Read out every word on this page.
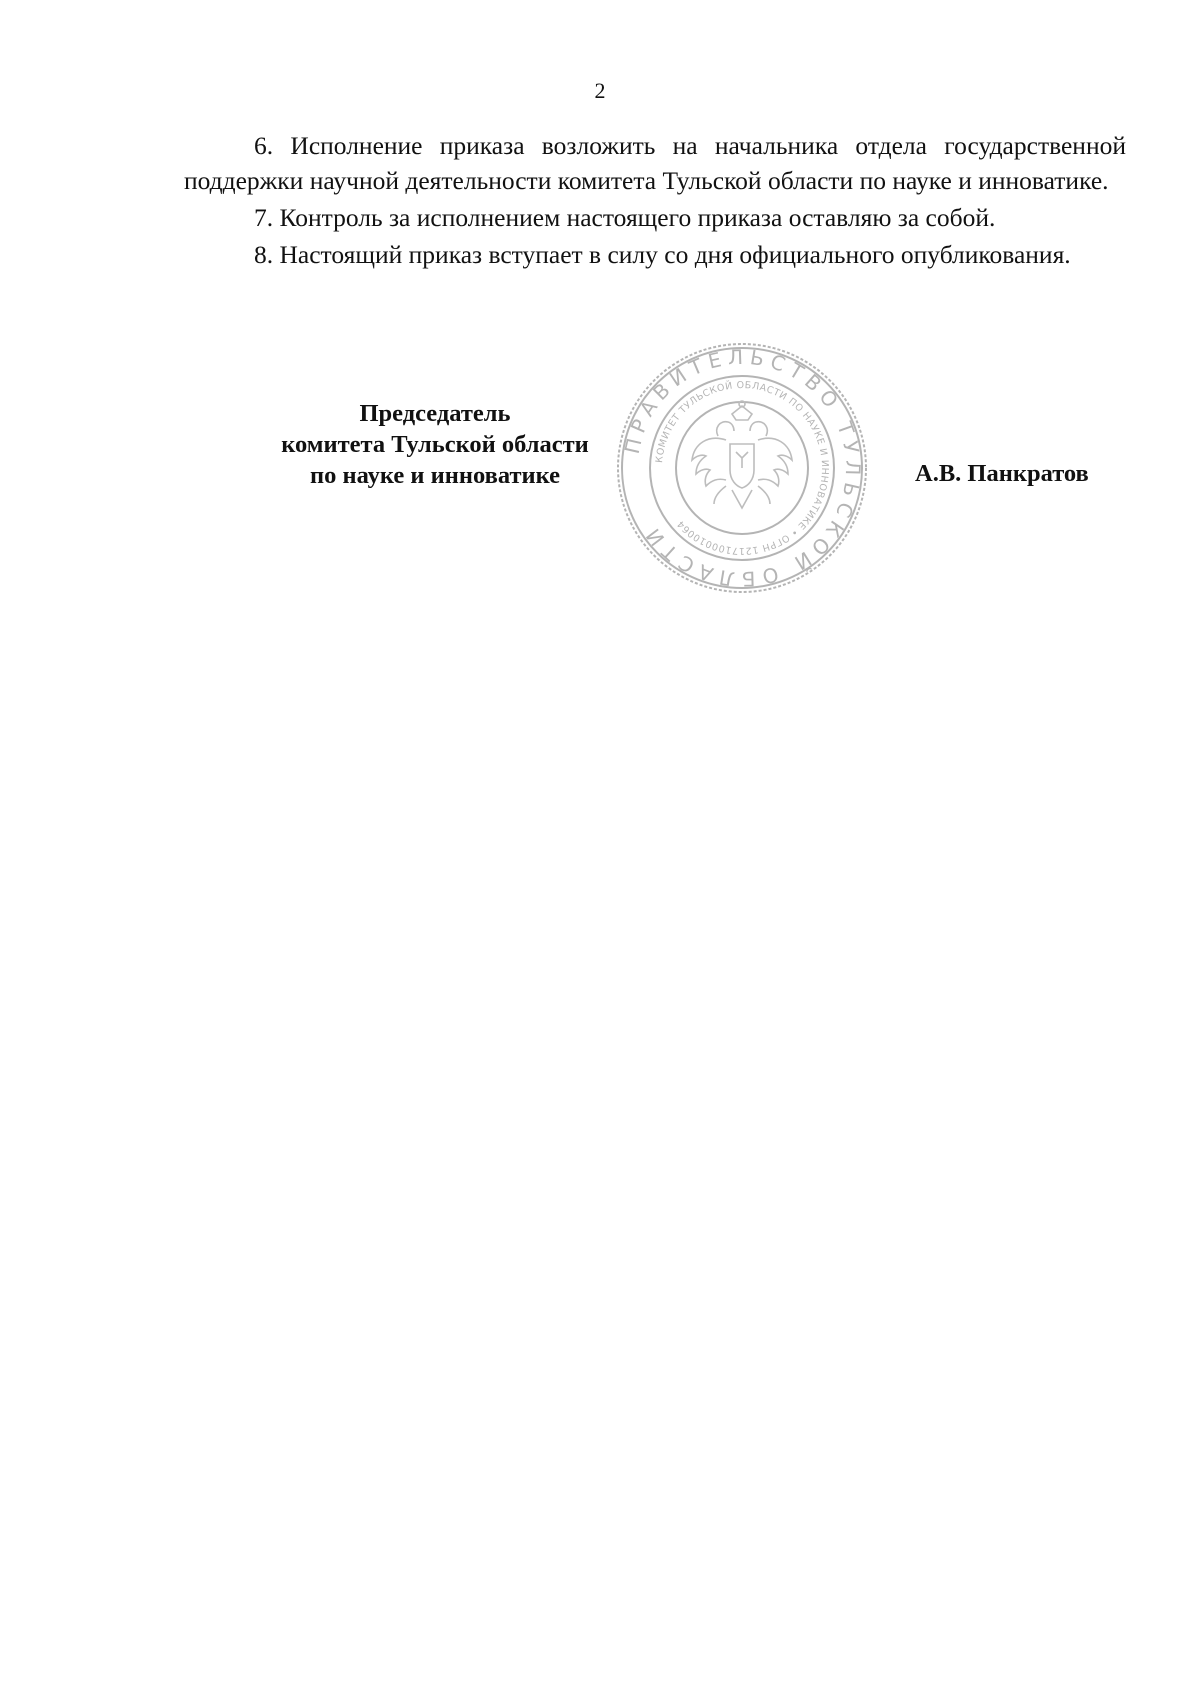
2

6. Исполнение приказа возложить на начальника отдела государственной поддержки научной деятельности комитета Тульской области по науке и инноватике.

7. Контроль за исполнением настоящего приказа оставляю за собой.

8. Настоящий приказ вступает в силу со дня официального опубликования.

Председатель
комитета Тульской области
по науке и инноватике
ПРАВИТЕЛЬСТВО ТУЛЬСКОЙ ОБЛАСТИ
КОМИТЕТ ТУЛЬСКОЙ ОБЛАСТИ ПО НАУКЕ И ИННОВАТИКЕ • ОГРН 1217100010064
А.В. Панкратов
